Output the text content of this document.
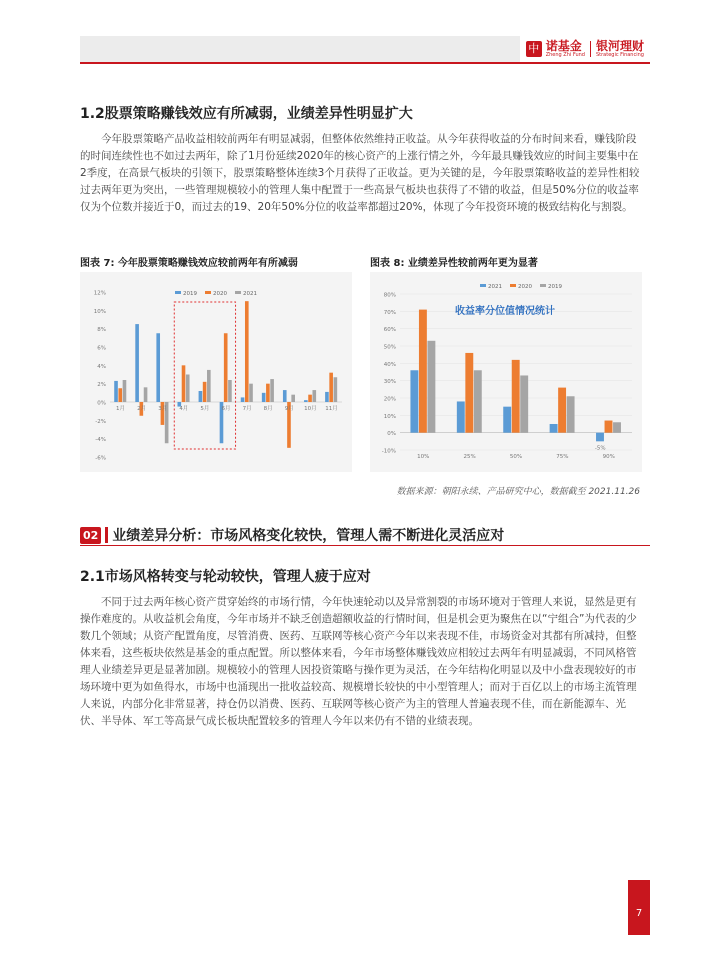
中 诺基金
Zheng Zhi Fund
银河理财
Strategic Financing
1.2股票策略赚钱效应有所减弱，业绩差异性明显扩大

今年股票策略产品收益相较前两年有明显减弱，但整体依然维持正收益。从今年获得收益的分布时间来看，赚钱阶段的时间连续性也不如过去两年，除了1月份延续2020年的核心资产的上涨行情之外，今年最具赚钱效应的时间主要集中在2季度，在高景气板块的引领下，股票策略整体连续3个月获得了正收益。更为关键的是，今年股票策略收益的差异性相较过去两年更为突出，一些管理规模较小的管理人集中配置于一些高景气板块也获得了不错的收益，但是50%分位的收益率仅为个位数并接近于0，而过去的19、20年50%分位的收益率都超过20%，体现了今年投资环境的极致结构化与割裂。

图表 7: 今年股票策略赚钱效应较前两年有所减弱	图表 8: 业绩差异性较前两年更为显著
12%
10%
8%
6%
4%
2%
0%
-2%
-4%
-6%
1月 2月 3月 4月 5月 6月 7月 8月 9月 10月 11月
2019	2020	2021	80%
70%
60%
50%
40%
30%
20%
10%
0%
-10%
10%	25%	50%	75%	90%
2021	2020	2019
收益率分位值情况统计
-5%
数据来源：朝阳永续、产品研究中心，数据截至 2021.11.26
02 业绩差异分析：市场风格变化较快，管理人需不断进化灵活应对
2.1市场风格转变与轮动较快，管理人疲于应对

不同于过去两年核心资产贯穿始终的市场行情，今年快速轮动以及异常割裂的市场环境对于管理人来说，显然是更有操作难度的。从收益机会角度，今年市场并不缺乏创造超额收益的行情时间，但是机会更为聚焦在以“宁组合”为代表的少数几个领域；从资产配置角度，尽管消费、医药、互联网等核心资产今年以来表现不佳，市场资金对其都有所减持，但整体来看，这些板块依然是基金的重点配置。所以整体来看，今年市场整体赚钱效应相较过去两年有明显减弱，不同风格管理人业绩差异更是显著加剧。规模较小的管理人因投资策略与操作更为灵活，在今年结构化明显以及中小盘表现较好的市场环境中更为如鱼得水，市场中也涌现出一批收益较高、规模增长较快的中小型管理人；而对于百亿以上的市场主流管理人来说，内部分化非常显著，持仓仍以消费、医药、互联网等核心资产为主的管理人普遍表现不佳，而在新能源车、光伏、半导体、军工等高景气成长板块配置较多的管理人今年以来仍有不错的业绩表现。

7
